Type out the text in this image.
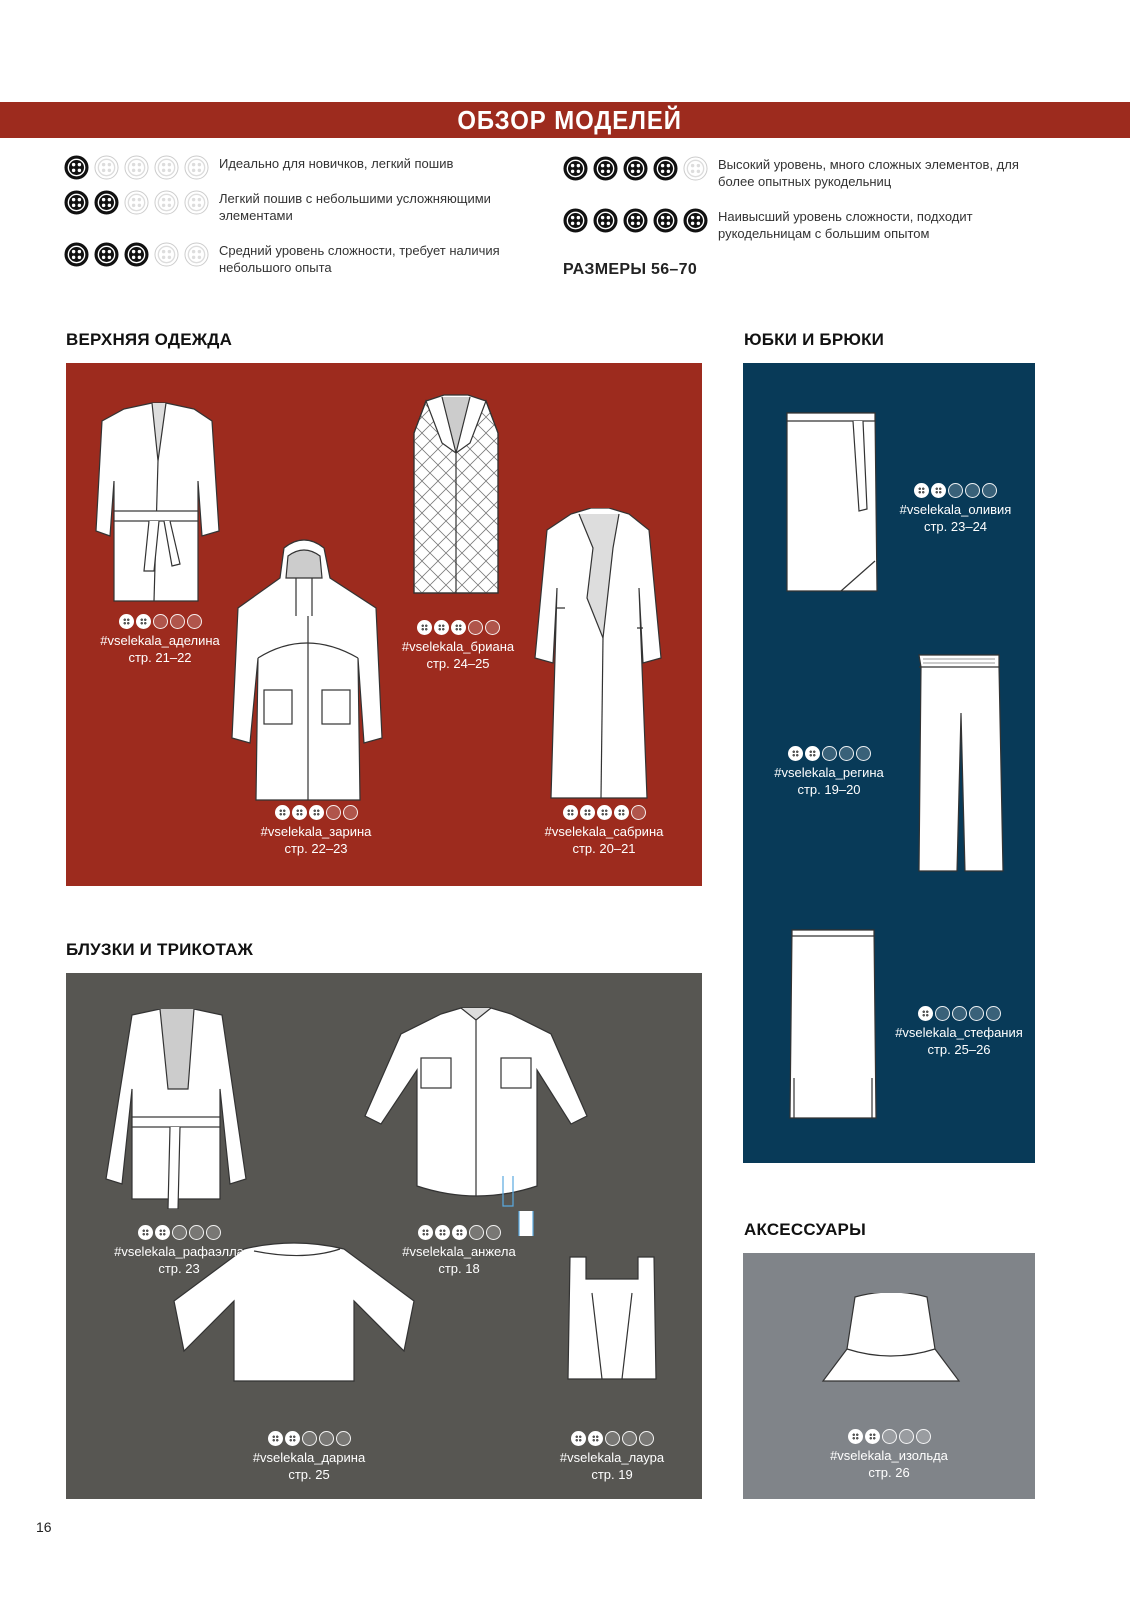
ОБЗОР МОДЕЛЕЙ
Идеально для новичков, легкий пошив
Легкий пошив с небольшими усложняющими элементами
Средний уровень сложности, требует наличия небольшого опыта
Высокий уровень, много сложных элементов, для более опытных рукодельниц
Наивысший уровень сложности, подходит рукодельницам с большим опытом
РАЗМЕРЫ 56–70
ВЕРХНЯЯ ОДЕЖДА	ЮБКИ И БРЮКИ
БЛУЗКИ И ТРИКОТАЖ
АКСЕССУАРЫ
#vselekala_аделина
стр. 21–22
#vselekala_бриана
стр. 24–25
#vselekala_зарина
стр. 22–23
#vselekala_сабрина
стр. 20–21
#vselekala_оливия
стр. 23–24
#vselekala_регина
стр. 19–20
#vselekala_стефания
стр. 25–26
#vselekala_рафаэлла
стр. 23
#vselekala_анжела
стр. 18
#vselekala_дарина
стр. 25
#vselekala_лаура
стр. 19
#vselekala_изольда
стр. 26
16
